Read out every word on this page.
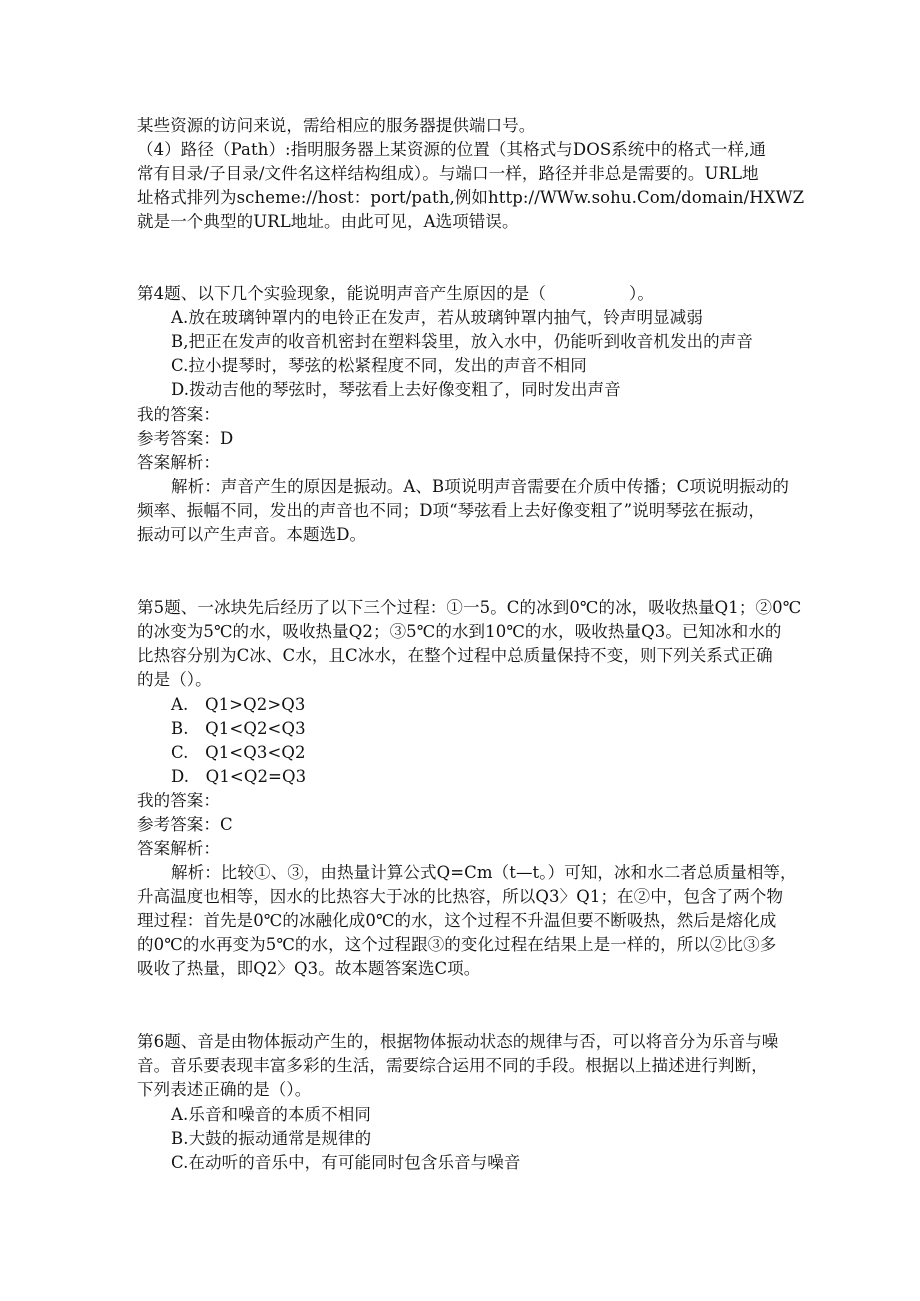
某些资源的访问来说，需给相应的服务器提供端口号。
（4）路径（Path）:指明服务器上某资源的位置（其格式与DOS系统中的格式一样,通
常有目录/子目录/文件名这样结构组成）。与端口一样，路径并非总是需要的。URL地
址格式排列为scheme://host：port/path,例如http://WWw.sohu.Com/domain/HXWZ
就是一个典型的URL地址。由此可见，A选项错误。
第4题、以下几个实验现象，能说明声音产生原因的是（　　　　　）。
A.放在玻璃钟罩内的电铃正在发声，若从玻璃钟罩内抽气，铃声明显减弱
B,把正在发声的收音机密封在塑料袋里，放入水中，仍能听到收音机发出的声音
C.拉小提琴时，琴弦的松紧程度不同，发出的声音不相同
D.拨动吉他的琴弦时，琴弦看上去好像变粗了，同时发出声音
我的答案：
参考答案：D
答案解析：
解析：声音产生的原因是振动。A、B项说明声音需要在介质中传播；C项说明振动的
频率、振幅不同，发出的声音也不同；D项“琴弦看上去好像变粗了”说明琴弦在振动，
振动可以产生声音。本题选D。
第5题、一冰块先后经历了以下三个过程：①一5。C的冰到0℃的冰，吸收热量Q1；②0℃
的冰变为5℃的水，吸收热量Q2；③5℃的水到10℃的水，吸收热量Q3。已知冰和水的
比热容分别为C冰、C水，且C冰水，在整个过程中总质量保持不变，则下列关系式正确
的是（）。
A.　Q1>Q2>Q3
B.　Q1<Q2<Q3
C.　Q1<Q3<Q2
D.　Q1<Q2=Q3
我的答案：
参考答案：C
答案解析：
解析：比较①、③，由热量计算公式Q=Cm（t—t。）可知，冰和水二者总质量相等，
升高温度也相等，因水的比热容大于冰的比热容，所以Q3〉Q1；在②中，包含了两个物
理过程：首先是0℃的冰融化成0℃的水，这个过程不升温但要不断吸热，然后是熔化成
的0℃的水再变为5℃的水，这个过程跟③的变化过程在结果上是一样的，所以②比③多
吸收了热量，即Q2〉Q3。故本题答案选C项。
第6题、音是由物体振动产生的，根据物体振动状态的规律与否，可以将音分为乐音与噪
音。音乐要表现丰富多彩的生活，需要综合运用不同的手段。根据以上描述进行判断，
下列表述正确的是（）。
A.乐音和噪音的本质不相同
B.大鼓的振动通常是规律的
C.在动听的音乐中，有可能同时包含乐音与噪音
